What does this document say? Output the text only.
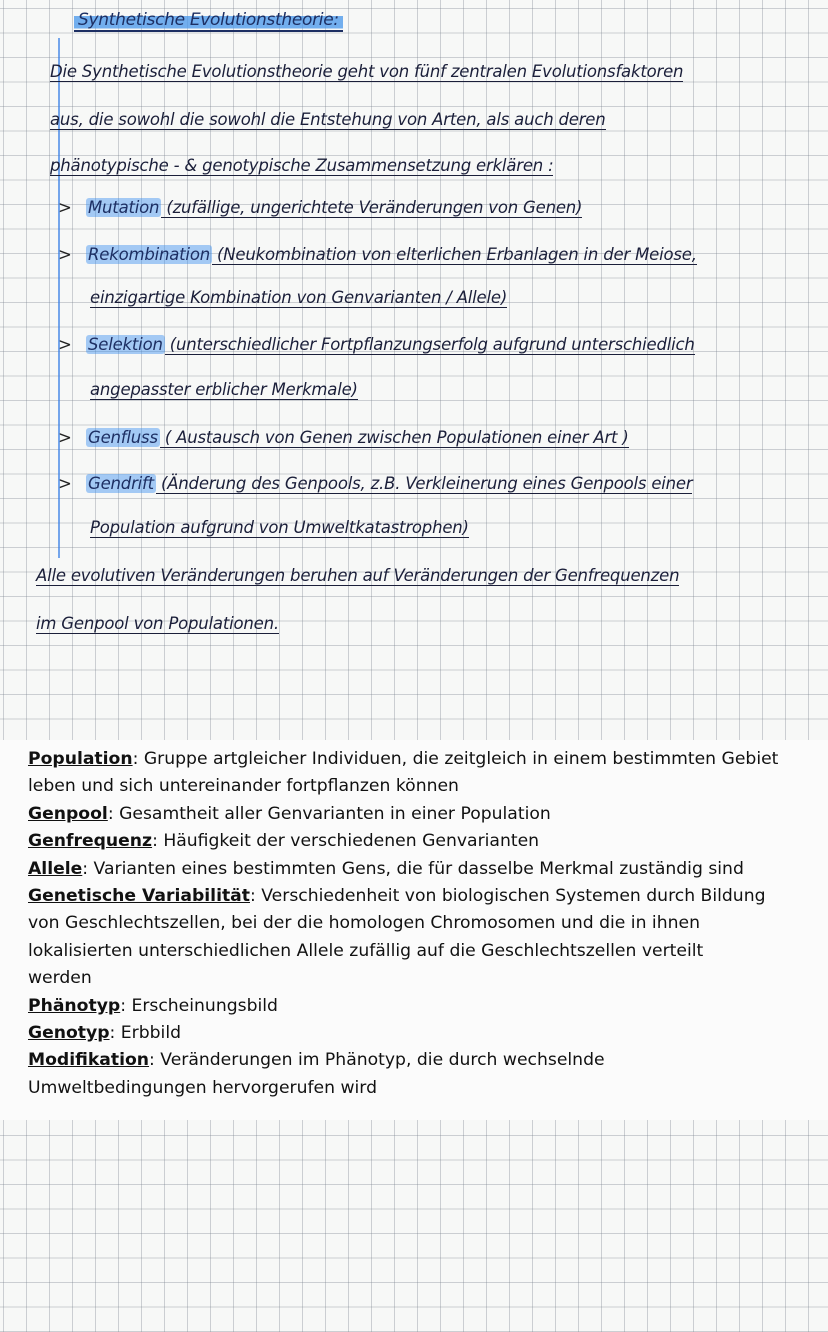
Synthetische Evolutionstheorie:
Die Synthetische Evolutionstheorie geht von fünf zentralen Evolutionsfaktoren
aus, die sowohl die sowohl die Entstehung von Arten, als auch deren
phänotypische - & genotypische Zusammensetzung erklären :
> Mutation (zufällige, ungerichtete Veränderungen von Genen)
> Rekombination (Neukombination von elterlichen Erbanlagen in der Meiose,
einzigartige Kombination von Genvarianten / Allele)
> Selektion (unterschiedlicher Fortpflanzungserfolg aufgrund unterschiedlich
angepasster erblicher Merkmale)
> Genfluss ( Austausch von Genen zwischen Populationen einer Art )
> Gendrift (Änderung des Genpools, z.B. Verkleinerung eines Genpools einer
Population aufgrund von Umweltkatastrophen)
Alle evolutiven Veränderungen beruhen auf Veränderungen der Genfrequenzen
im Genpool von Populationen.
Population: Gruppe artgleicher Individuen, die zeitgleich in einem bestimmten Gebiet
leben und sich untereinander fortpflanzen können
Genpool: Gesamtheit aller Genvarianten in einer Population
Genfrequenz: Häufigkeit der verschiedenen Genvarianten
Allele: Varianten eines bestimmten Gens, die für dasselbe Merkmal zuständig sind
Genetische Variabilität: Verschiedenheit von biologischen Systemen durch Bildung
von Geschlechtszellen, bei der die homologen Chromosomen und die in ihnen
lokalisierten unterschiedlichen Allele zufällig auf die Geschlechtszellen verteilt
werden
Phänotyp: Erscheinungsbild
Genotyp: Erbbild
Modifikation: Veränderungen im Phänotyp, die durch wechselnde
Umweltbedingungen hervorgerufen wird
